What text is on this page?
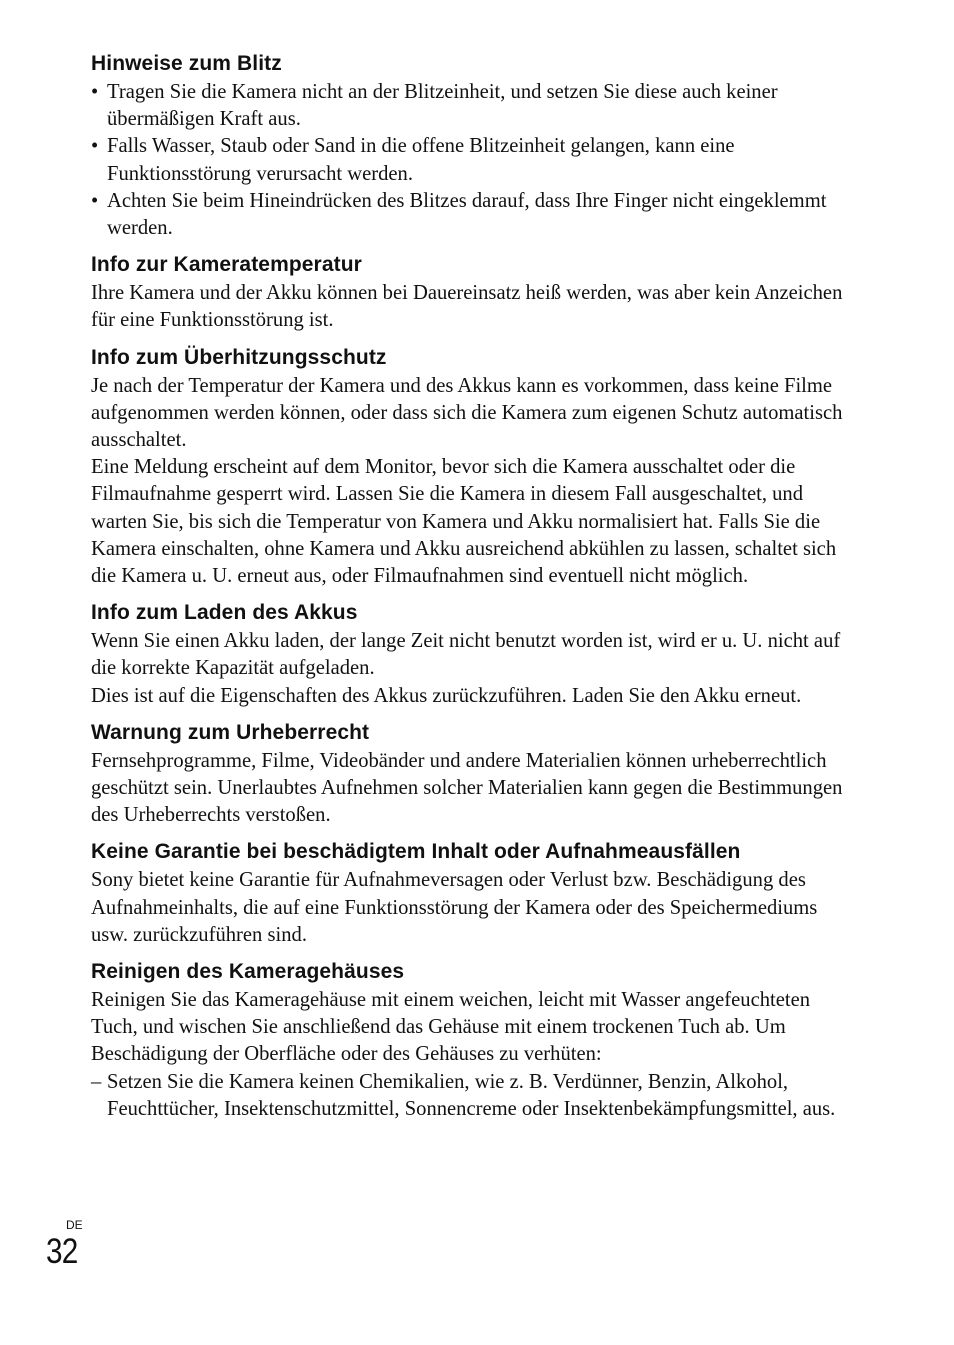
Hinweise zum Blitz
• Tragen Sie die Kamera nicht an der Blitzeinheit, und setzen Sie diese auch keiner übermäßigen Kraft aus.
• Falls Wasser, Staub oder Sand in die offene Blitzeinheit gelangen, kann eine Funktionsstörung verursacht werden.
• Achten Sie beim Hineindrücken des Blitzes darauf, dass Ihre Finger nicht eingeklemmt werden.
Info zur Kameratemperatur

Ihre Kamera und der Akku können bei Dauereinsatz heiß werden, was aber kein Anzeichen für eine Funktionsstörung ist.

Info zum Überhitzungsschutz

Je nach der Temperatur der Kamera und des Akkus kann es vorkommen, dass keine Filme aufgenommen werden können, oder dass sich die Kamera zum eigenen Schutz automatisch ausschaltet.

Eine Meldung erscheint auf dem Monitor, bevor sich die Kamera ausschaltet oder die Filmaufnahme gesperrt wird. Lassen Sie die Kamera in diesem Fall ausgeschaltet, und warten Sie, bis sich die Temperatur von Kamera und Akku normalisiert hat. Falls Sie die Kamera einschalten, ohne Kamera und Akku ausreichend abkühlen zu lassen, schaltet sich die Kamera u. U. erneut aus, oder Filmaufnahmen sind eventuell nicht möglich.

Info zum Laden des Akkus

Wenn Sie einen Akku laden, der lange Zeit nicht benutzt worden ist, wird er u. U. nicht auf die korrekte Kapazität aufgeladen.

Dies ist auf die Eigenschaften des Akkus zurückzuführen. Laden Sie den Akku erneut.

Warnung zum Urheberrecht

Fernsehprogramme, Filme, Videobänder und andere Materialien können urheberrechtlich geschützt sein. Unerlaubtes Aufnehmen solcher Materialien kann gegen die Bestimmungen des Urheberrechts verstoßen.

Keine Garantie bei beschädigtem Inhalt oder Aufnahmeausfällen

Sony bietet keine Garantie für Aufnahmeversagen oder Verlust bzw. Beschädigung des Aufnahmeinhalts, die auf eine Funktionsstörung der Kamera oder des Speichermediums usw. zurückzuführen sind.

Reinigen des Kameragehäuses

Reinigen Sie das Kameragehäuse mit einem weichen, leicht mit Wasser angefeuchteten Tuch, und wischen Sie anschließend das Gehäuse mit einem trockenen Tuch ab. Um Beschädigung der Oberfläche oder des Gehäuses zu verhüten:

– Setzen Sie die Kamera keinen Chemikalien, wie z. B. Verdünner, Benzin, Alkohol, Feuchttücher, Insektenschutzmittel, Sonnencreme oder Insektenbekämpfungsmittel, aus.
DE
32
